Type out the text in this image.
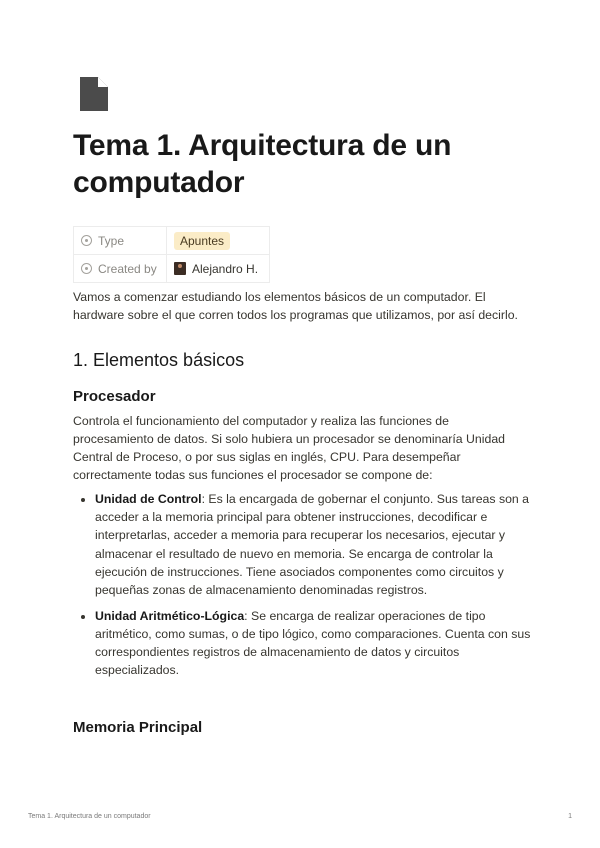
Tema 1. Arquitectura de un computador
Type	Apuntes
Created by	Alejandro H.

Vamos a comenzar estudiando los elementos básicos de un computador. El hardware sobre el que corren todos los programas que utilizamos, por así decirlo.

1. Elementos básicos
Procesador

Controla el funcionamiento del computador y realiza las funciones de procesamiento de datos. Si solo hubiera un procesador se denominaría Unidad Central de Proceso, o por sus siglas en inglés, CPU. Para desempeñar correctamente todas sus funciones el procesador se compone de:

• Unidad de Control: Es la encargada de gobernar el conjunto. Sus tareas son a acceder a la memoria principal para obtener instrucciones, decodificar e interpretarlas, acceder a memoria para recuperar los necesarios, ejecutar y almacenar el resultado de nuevo en memoria. Se encarga de controlar la ejecución de instrucciones. Tiene asociados componentes como circuitos y pequeñas zonas de almacenamiento denominadas registros.
• Unidad Aritmético-Lógica: Se encarga de realizar operaciones de tipo aritmético, como sumas, o de tipo lógico, como comparaciones. Cuenta con sus correspondientes registros de almacenamiento de datos y circuitos especializados.
Memoria Principal
Tema 1. Arquitectura de un computador	1
